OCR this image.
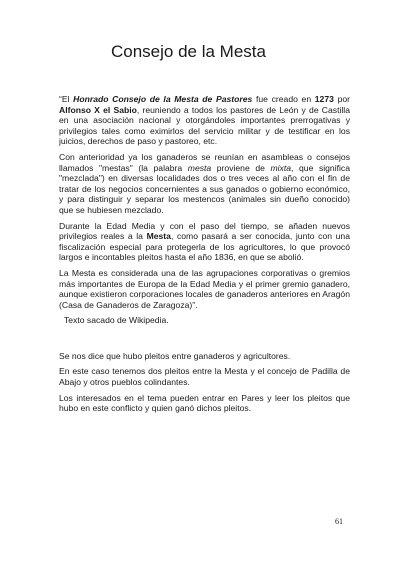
Consejo de la Mesta

“El Honrado Consejo de la Mesta de Pastores fue creado en 1273 por Alfonso X el Sabio, reuniendo a todos los pastores de León y de Castilla en una asociación nacional y otorgándoles importantes prerrogativas y privilegios tales como eximirlos del servicio militar y de testificar en los juicios, derechos de paso y pastoreo, etc.

Con anterioridad ya los ganaderos se reunían en asambleas o consejos llamados "mestas" (la palabra mesta proviene de mixta, que significa "mezclada") en diversas localidades dos o tres veces al año con el fin de tratar de los negocios concernientes a sus ganados o gobierno económico, y para distinguir y separar los mestencos (animales sin dueño conocido) que se hubiesen mezclado.

Durante la Edad Media y con el paso del tiempo, se añaden nuevos privilegios reales a la Mesta, como pasará a ser conocida, junto con una fiscalización especial para protegerla de los agricultores, lo que provocó largos e incontables pleitos hasta el año 1836, en que se abolió.

La Mesta es considerada una de las agrupaciones corporativas o gremios más importantes de Europa de la Edad Media y el primer gremio ganadero, aunque existieron corporaciones locales de ganaderos anteriores en Aragón (Casa de Ganaderos de Zaragoza)”.

Texto sacado de Wikipedia.

Se nos dice que hubo pleitos entre ganaderos y agricultores.

En este caso tenemos dos pleitos entre la Mesta y el concejo de Padilla de Abajo y otros pueblos colindantes.

Los interesados en el tema pueden entrar en Pares y leer los pleitos que hubo en este conflicto y quien ganó dichos pleitos.

61
